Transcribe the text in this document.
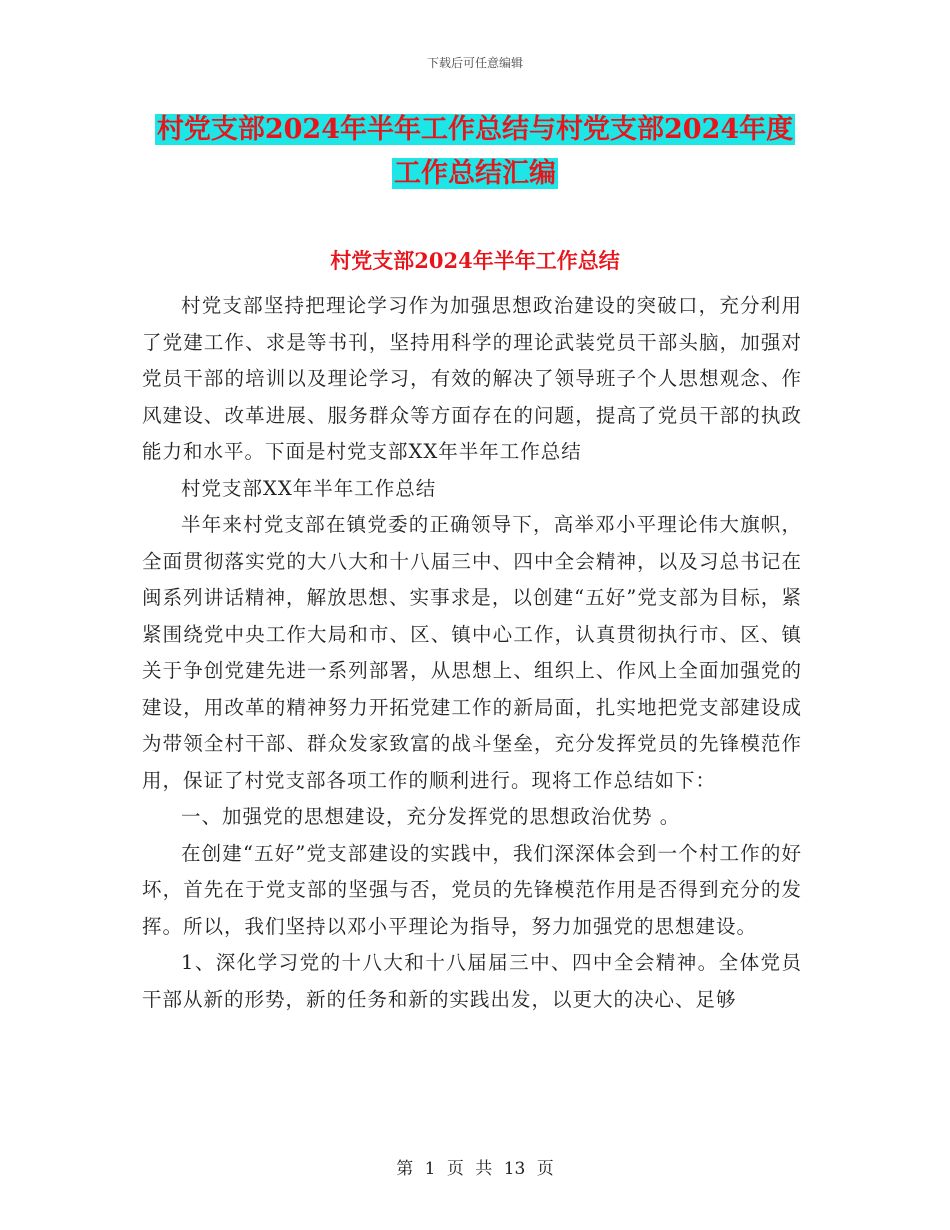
下载后可任意编辑
村党支部2024年半年工作总结与村党支部2024年度
工作总结汇编
村党支部2024年半年工作总结

村党支部坚持把理论学习作为加强思想政治建设的突破口，充分利用了党建工作、求是等书刊，坚持用科学的理论武装党员干部头脑，加强对党员干部的培训以及理论学习，有效的解决了领导班子个人思想观念、作风建设、改革进展、服务群众等方面存在的问题，提高了党员干部的执政能力和水平。下面是村党支部XX年半年工作总结

村党支部XX年半年工作总结

半年来村党支部在镇党委的正确领导下，高举邓小平理论伟大旗帜，全面贯彻落实党的大八大和十八届三中、四中全会精神，以及习总书记在闽系列讲话精神，解放思想、实事求是，以创建“五好”党支部为目标，紧紧围绕党中央工作大局和市、区、镇中心工作，认真贯彻执行市、区、镇关于争创党建先进一系列部署，从思想上、组织上、作风上全面加强党的建设，用改革的精神努力开拓党建工作的新局面，扎实地把党支部建设成为带领全村干部、群众发家致富的战斗堡垒，充分发挥党员的先锋模范作用，保证了村党支部各项工作的顺利进行。现将工作总结如下：

一、加强党的思想建设，充分发挥党的思想政治优势 。

在创建“五好”党支部建设的实践中，我们深深体会到一个村工作的好坏，首先在于党支部的坚强与否，党员的先锋模范作用是否得到充分的发挥。所以，我们坚持以邓小平理论为指导，努力加强党的思想建设。

1、深化学习党的十八大和十八届届三中、四中全会精神。全体党员干部从新的形势，新的任务和新的实践出发，以更大的决心、足够

第 1 页 共 13 页
